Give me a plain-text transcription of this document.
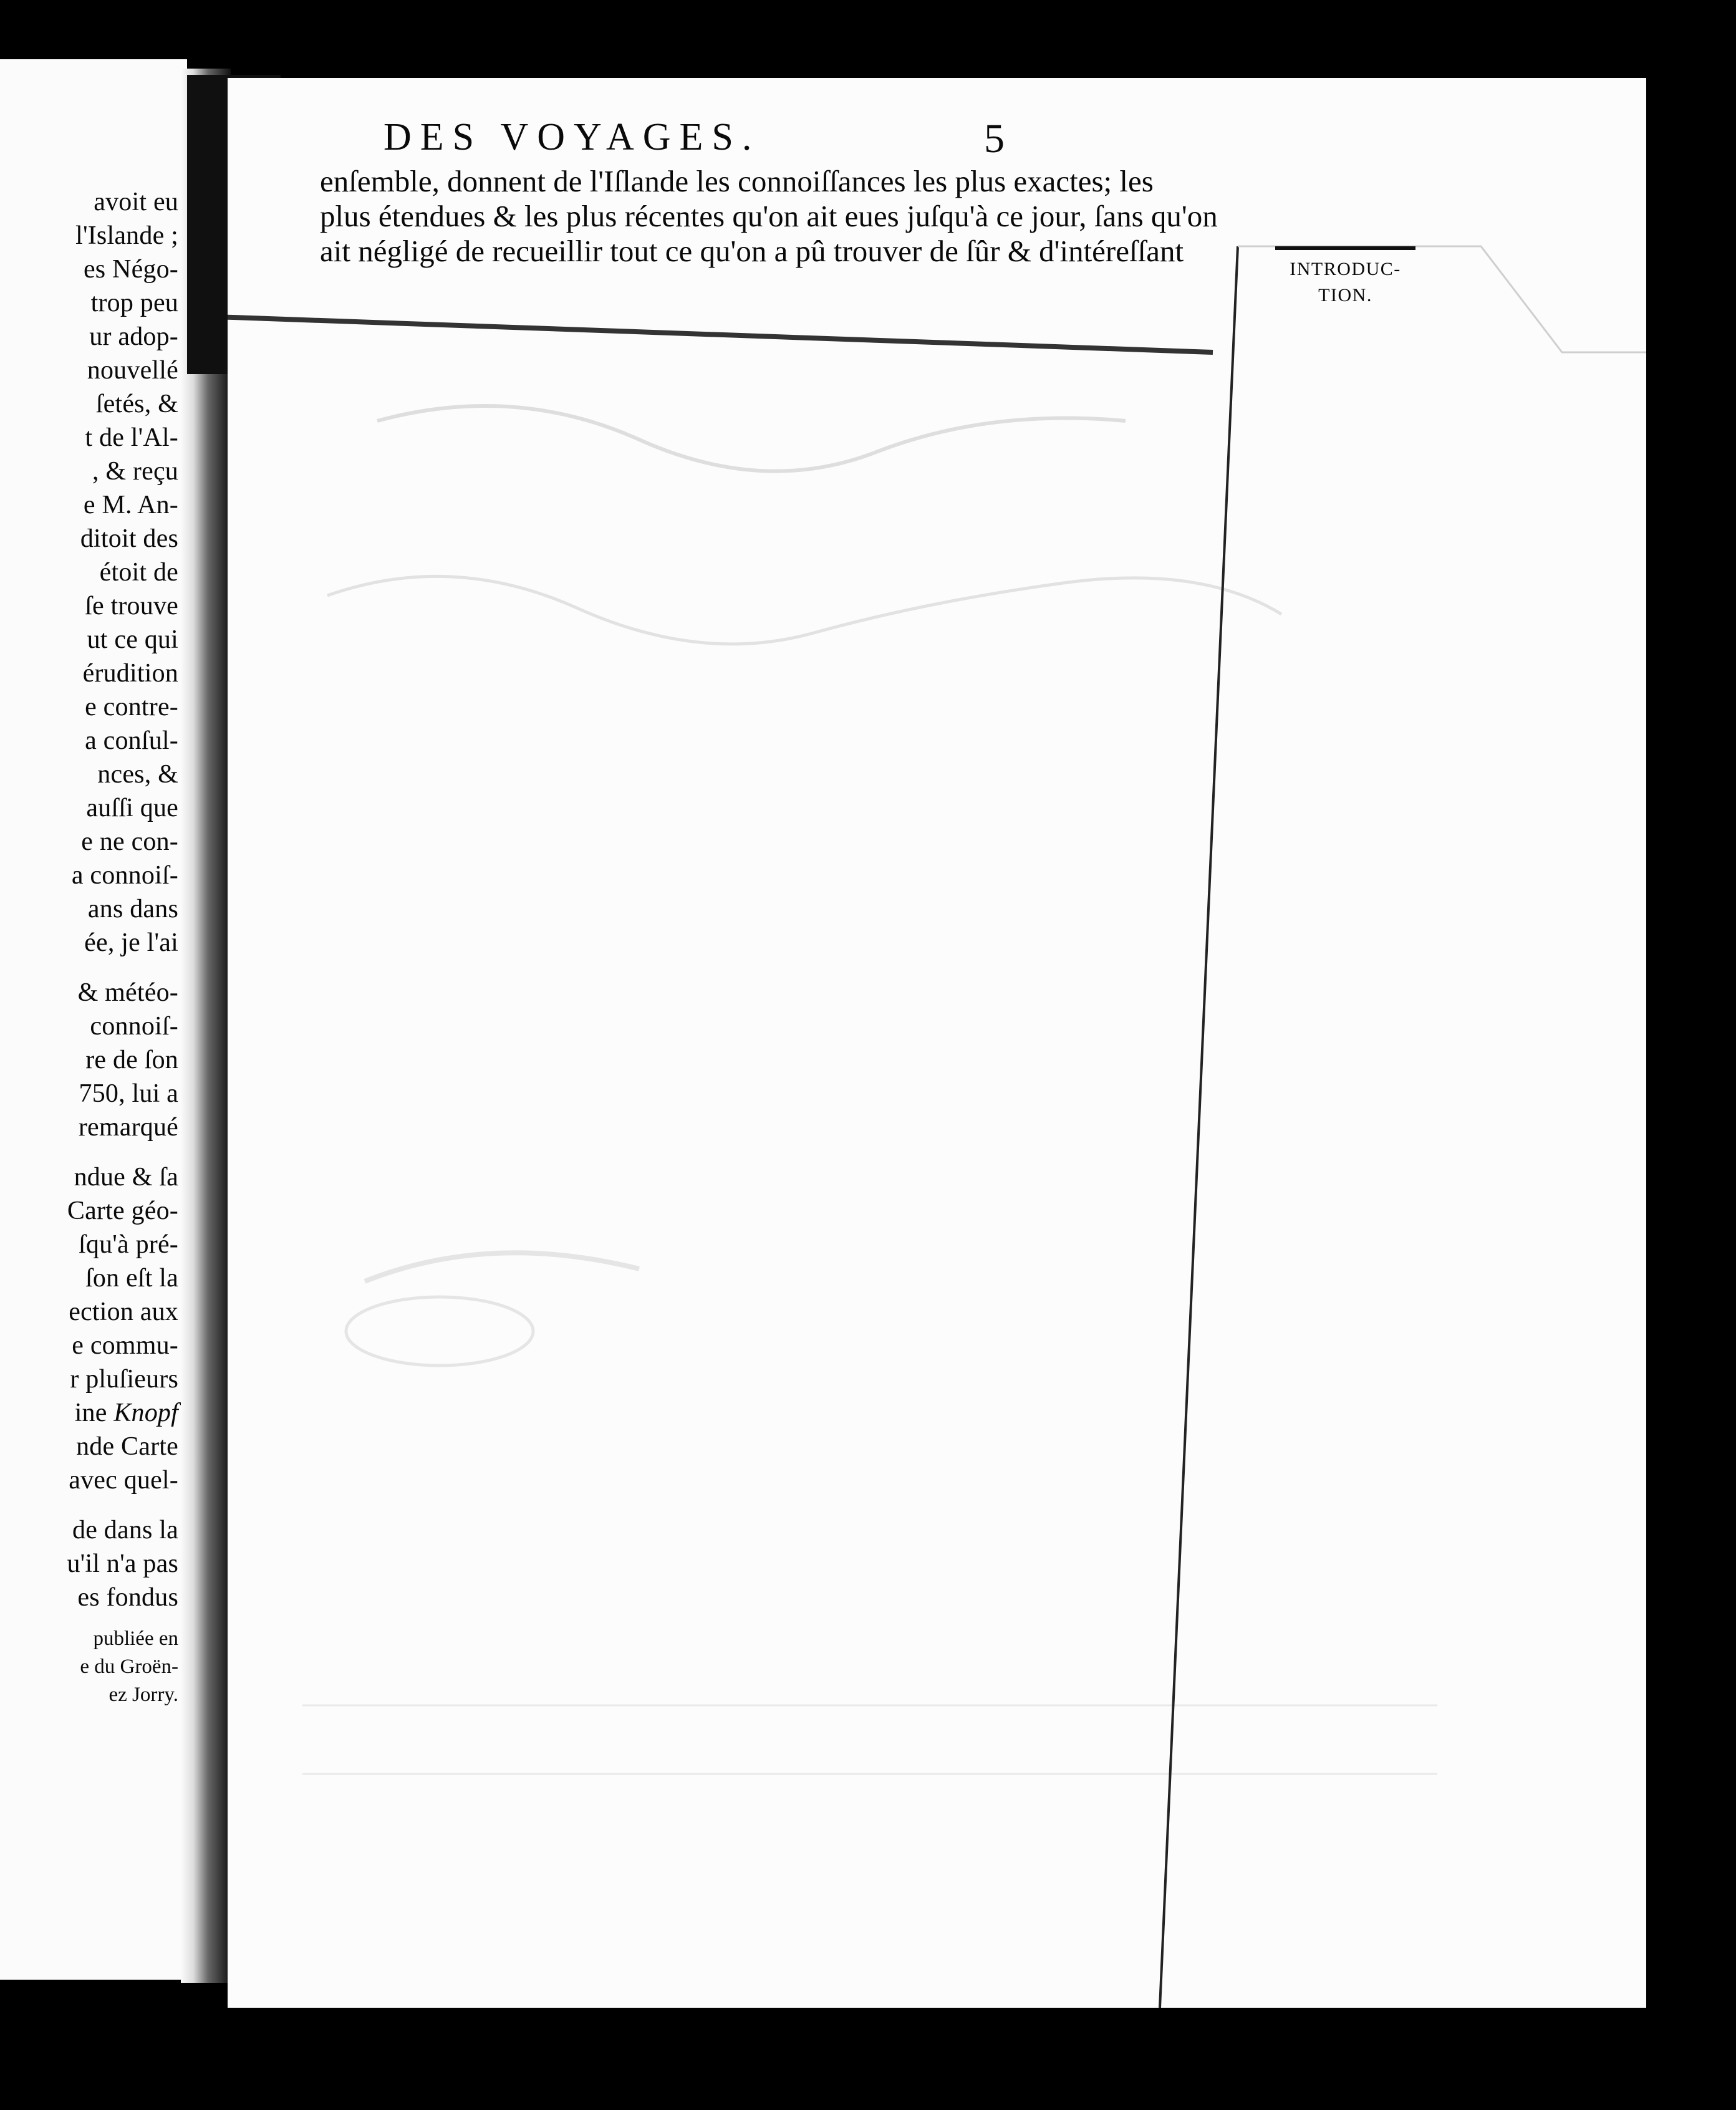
avoit eu
l'Islande ;
es Négo-
trop peu
ur adop-
nouvellé
ſetés, &
t de l'Al-
, & reçu
e M. An-
ditoit des
étoit de
ſe trouve
ut ce qui
érudition
e contre-
a conſul-
nces, &
auſſi que
e ne con-
a connoiſ-
ans dans
ée, je l'ai
& météo-
connoiſ-
re de ſon
750, lui a
remarqué
ndue & ſa
Carte géo-
ſqu'à pré-
ſon eſt la
ection aux
e commu-
r pluſieurs
ine Knopf
nde Carte
avec quel-
de dans la
u'il n'a pas
es fondus
publiée en
e du Groën-
ez Jorry.
DES VOYAGES.	5
enſemble, donnent de l'Iſlande les connoiſſances les plus exactes; les
plus étendues & les plus récentes qu'on ait eues juſqu'à ce jour, ſans qu'on
ait négligé de recueillir tout ce qu'on a pû trouver de ſûr & d'intéreſſant
INTRODUC-
TION.
